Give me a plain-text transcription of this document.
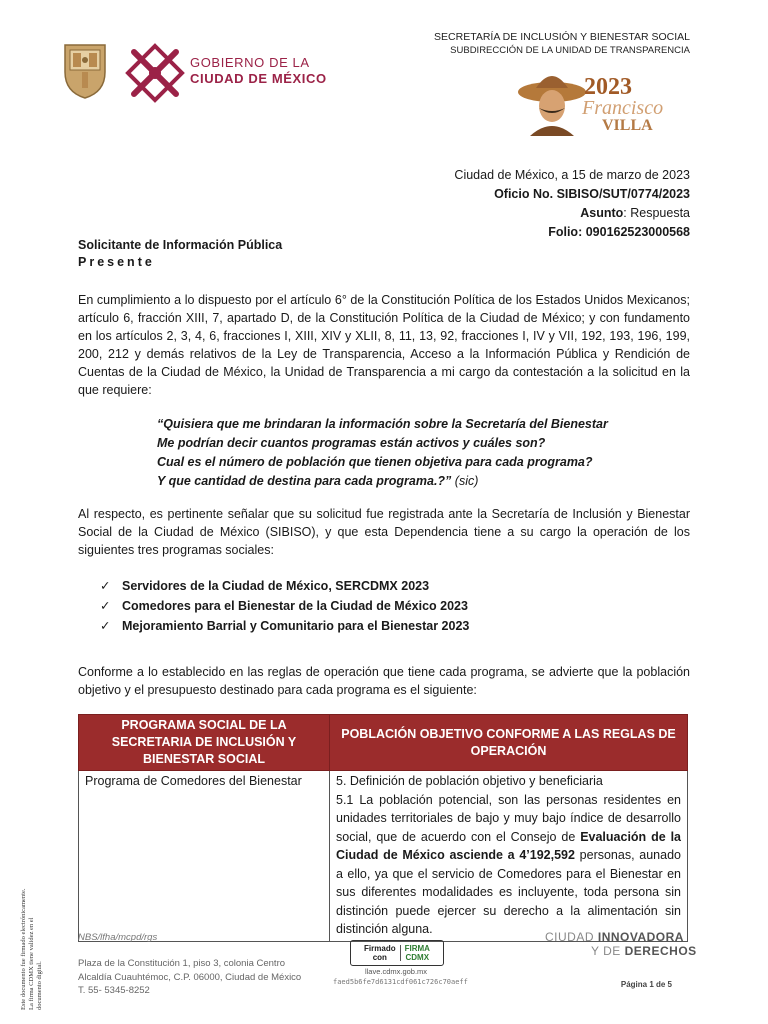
SECRETARÍA DE INCLUSIÓN Y BIENESTAR SOCIAL
SUBDIRECCIÓN DE LA UNIDAD DE TRANSPARENCIA
GOBIERNO DE LA
CIUDAD DE MÉXICO	2023
Francisco
VILLA
Ciudad de México, a 15 de marzo de 2023
Oficio No. SIBISO/SUT/0774/2023
Asunto: Respuesta
Folio: 090162523000568
Solicitante de Información Pública
Presente
En cumplimiento a lo dispuesto por el artículo 6° de la Constitución Política de los Estados Unidos Mexicanos; artículo 6, fracción XIII, 7, apartado D, de la Constitución Política de la Ciudad de México; y con fundamento en los artículos 2, 3, 4, 6, fracciones I, XIII, XIV y XLII, 8, 11, 13, 92, fracciones I, IV y VII, 192, 193, 196, 199, 200, 212 y demás relativos de la Ley de Transparencia, Acceso a la Información Pública y Rendición de Cuentas de la Ciudad de México, la Unidad de Transparencia a mi cargo da contestación a la solicitud en la que requiere:
“Quisiera que me brindaran la información sobre la Secretaría del Bienestar
Me podrían decir cuantos programas están activos y cuáles son?
Cual es el número de población que tienen objetiva para cada programa?
Y que cantidad de destina para cada programa.?” (sic)
Al respecto, es pertinente señalar que su solicitud fue registrada ante la Secretaría de Inclusión y Bienestar Social de la Ciudad de México (SIBISO), y que esta Dependencia tiene a su cargo la operación de los siguientes tres programas sociales:
✓ Servidores de la Ciudad de México, SERCDMX 2023
✓ Comedores para el Bienestar de la Ciudad de México 2023
✓ Mejoramiento Barrial y Comunitario para el Bienestar 2023
Conforme a lo establecido en las reglas de operación que tiene cada programa, se advierte que la población objetivo y el presupuesto destinado para cada programa es el siguiente:
PROGRAMA SOCIAL DE LA SECRETARIA DE INCLUSIÓN Y BIENESTAR SOCIAL	POBLACIÓN OBJETIVO CONFORME A LAS REGLAS DE OPERACIÓN
Programa de Comedores del Bienestar	5. Definición de población objetivo y beneficiaria
5.1 La población potencial, son las personas residentes en unidades territoriales de bajo y muy bajo índice de desarrollo social, que de acuerdo con el Consejo de Evaluación de la Ciudad de México asciende a 4’192,592 personas, aunado a ello, ya que el servicio de Comedores para el Bienestar en sus diferentes modalidades es incluyente, toda persona sin distinción puede ejercer su derecho a la alimentación sin distinción alguna.
NBS/lfha/mcpd/rgs
Plaza de la Constitución 1, piso 3, colonia Centro
Alcaldía Cuauhtémoc, C.P. 06000, Ciudad de México
T. 55- 5345-8252
Firmado
con
FIRMA
CDMX
llave.cdmx.gob.mx
faed5b6fe7d6131cdf061c726c70aeff
CIUDAD INNOVADORA
Y DE DERECHOS
Página 1 de 5
Este documento fue firmado electrónicamente. La firma CDMX tiene validez en el documento digital.
